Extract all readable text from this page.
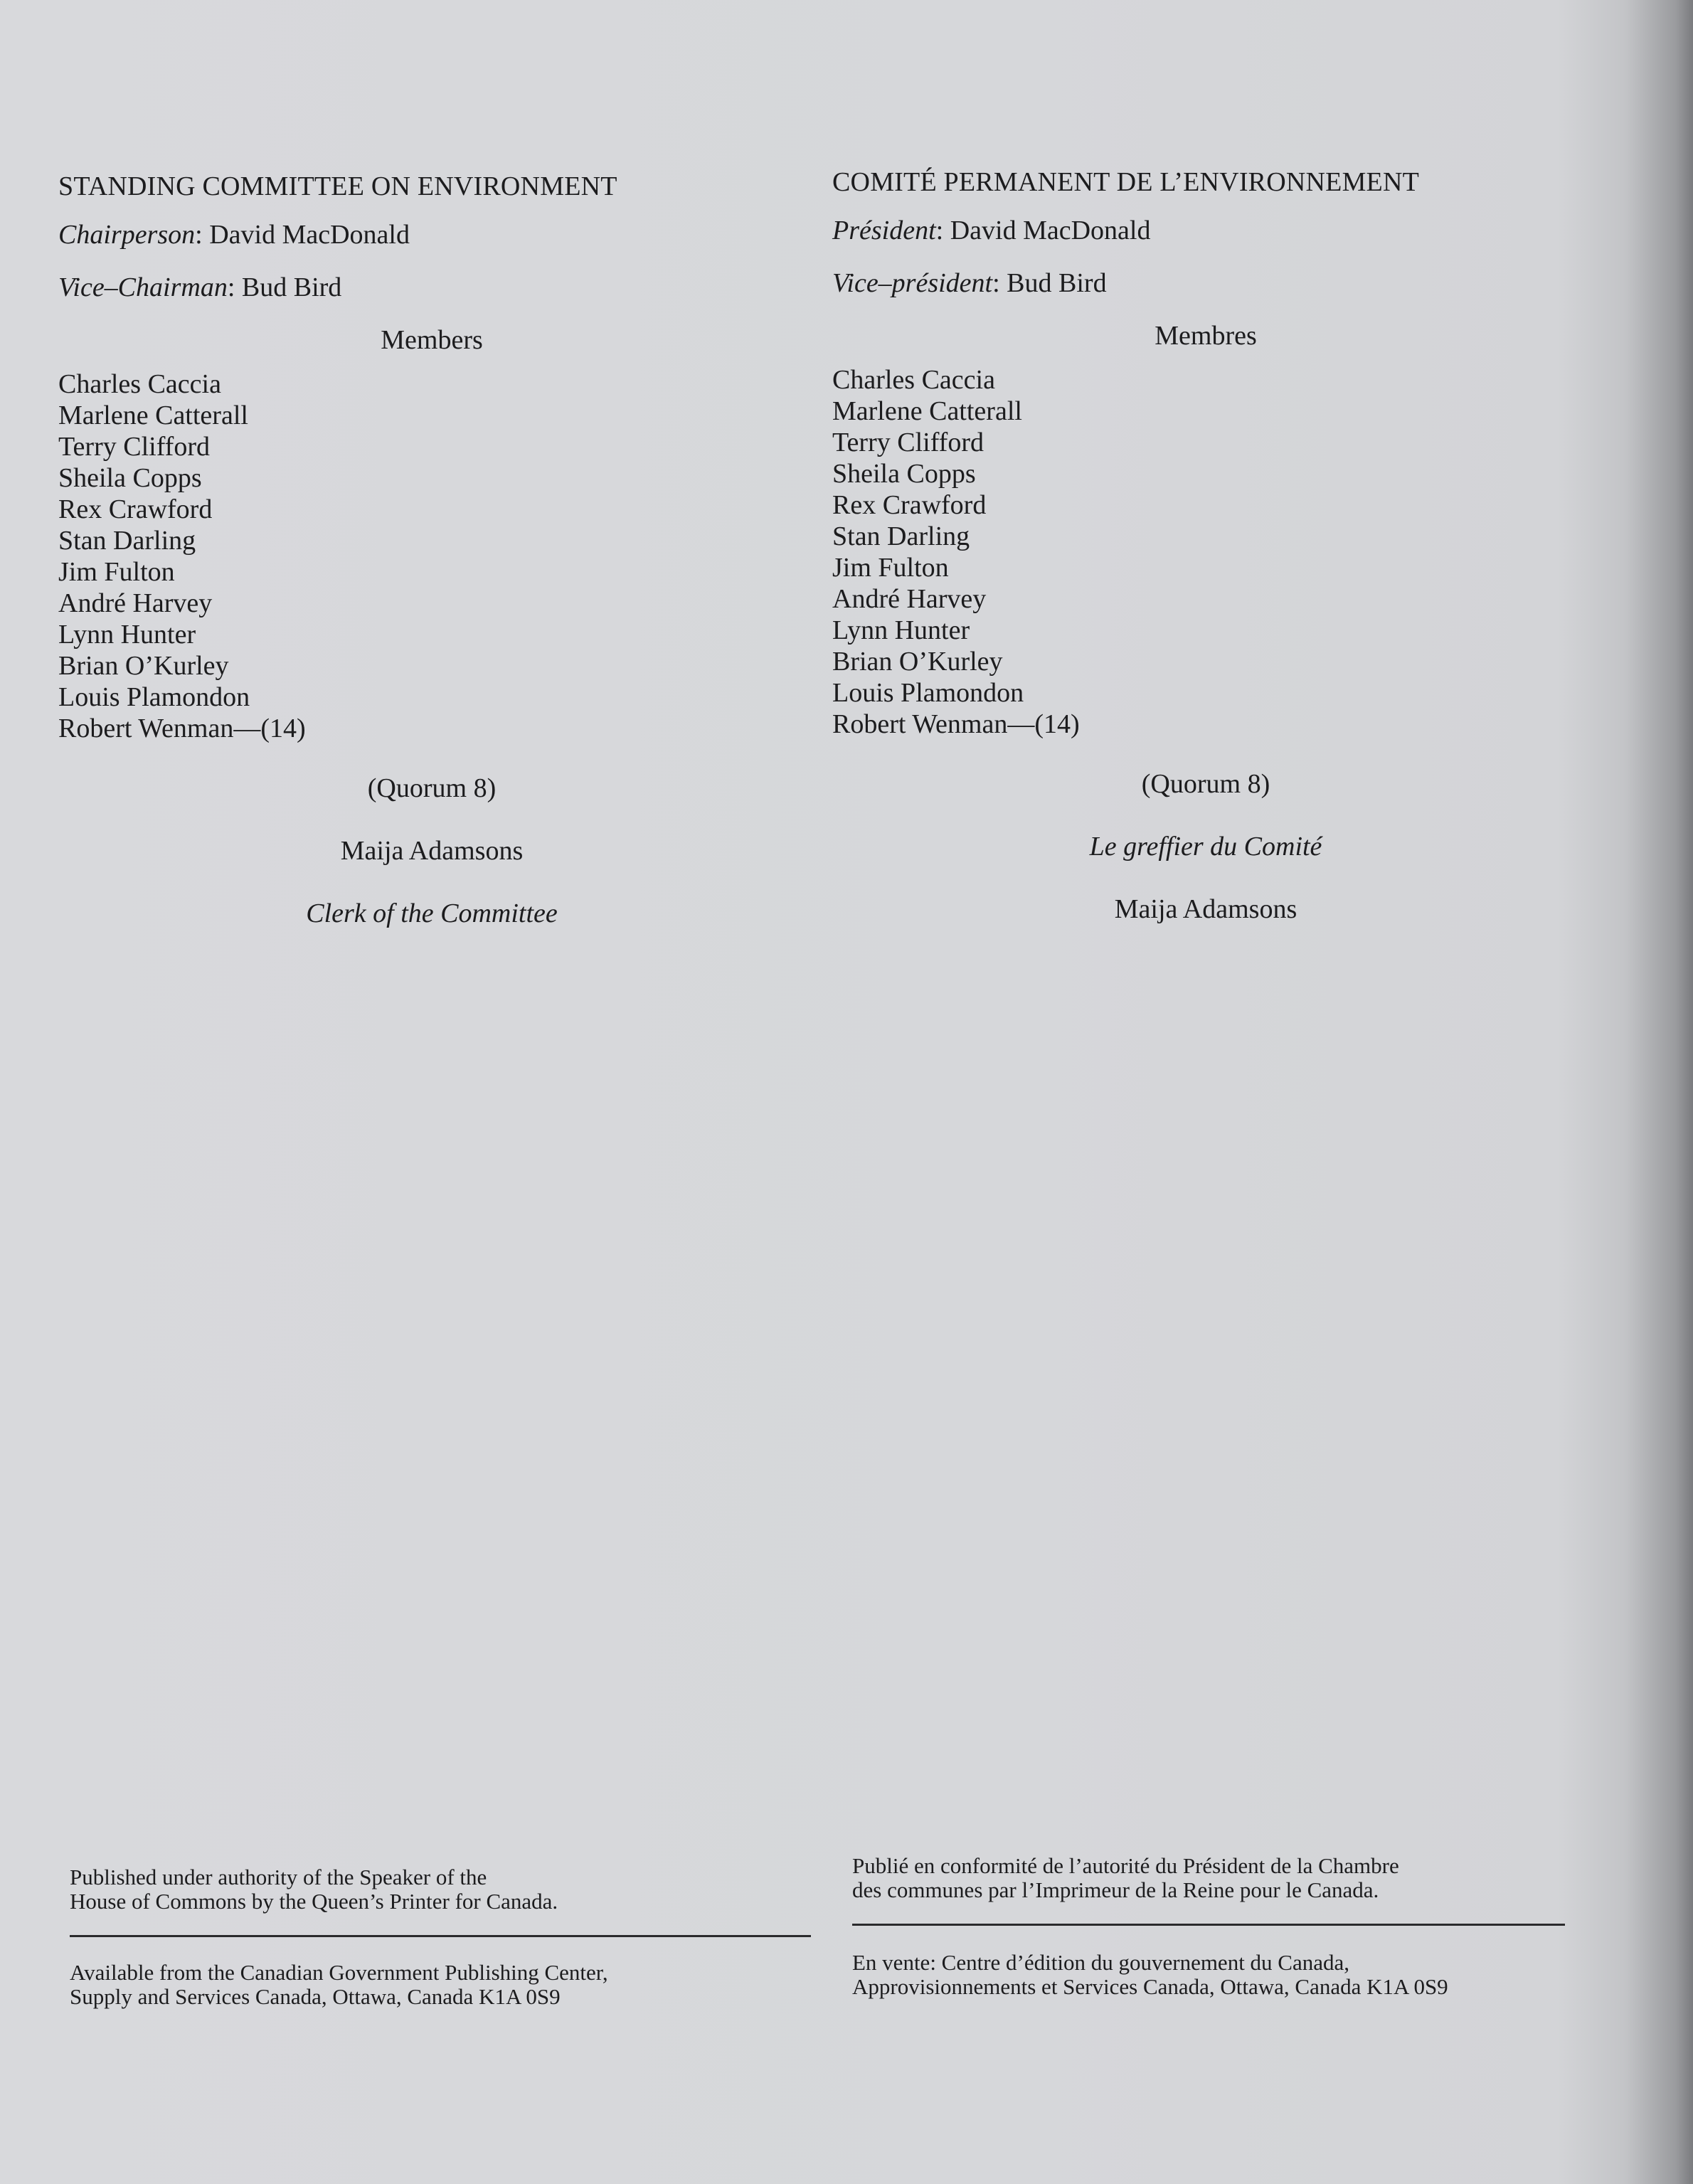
STANDING COMMITTEE ON ENVIRONMENT
Chairperson: David MacDonald
Vice–Chairman: Bud Bird
Members
Charles Caccia
Marlene Catterall
Terry Clifford
Sheila Copps
Rex Crawford
Stan Darling
Jim Fulton
André Harvey
Lynn Hunter
Brian O’Kurley
Louis Plamondon
Robert Wenman—(14)
(Quorum 8)
Maija Adamsons
Clerk of the Committee
COMITÉ PERMANENT DE L’ENVIRONNEMENT
Président: David MacDonald
Vice–président: Bud Bird
Membres
Charles Caccia
Marlene Catterall
Terry Clifford
Sheila Copps
Rex Crawford
Stan Darling
Jim Fulton
André Harvey
Lynn Hunter
Brian O’Kurley
Louis Plamondon
Robert Wenman—(14)
(Quorum 8)
Le greffier du Comité
Maija Adamsons

Published under authority of the Speaker of the

House of Commons by the Queen’s Printer for Canada.

Available from the Canadian Government Publishing Center,

Supply and Services Canada, Ottawa, Canada K1A 0S9

Publié en conformité de l’autorité du Président de la Chambre

des communes par l’Imprimeur de la Reine pour le Canada.

En vente: Centre d’édition du gouvernement du Canada,

Approvisionnements et Services Canada, Ottawa, Canada K1A 0S9
